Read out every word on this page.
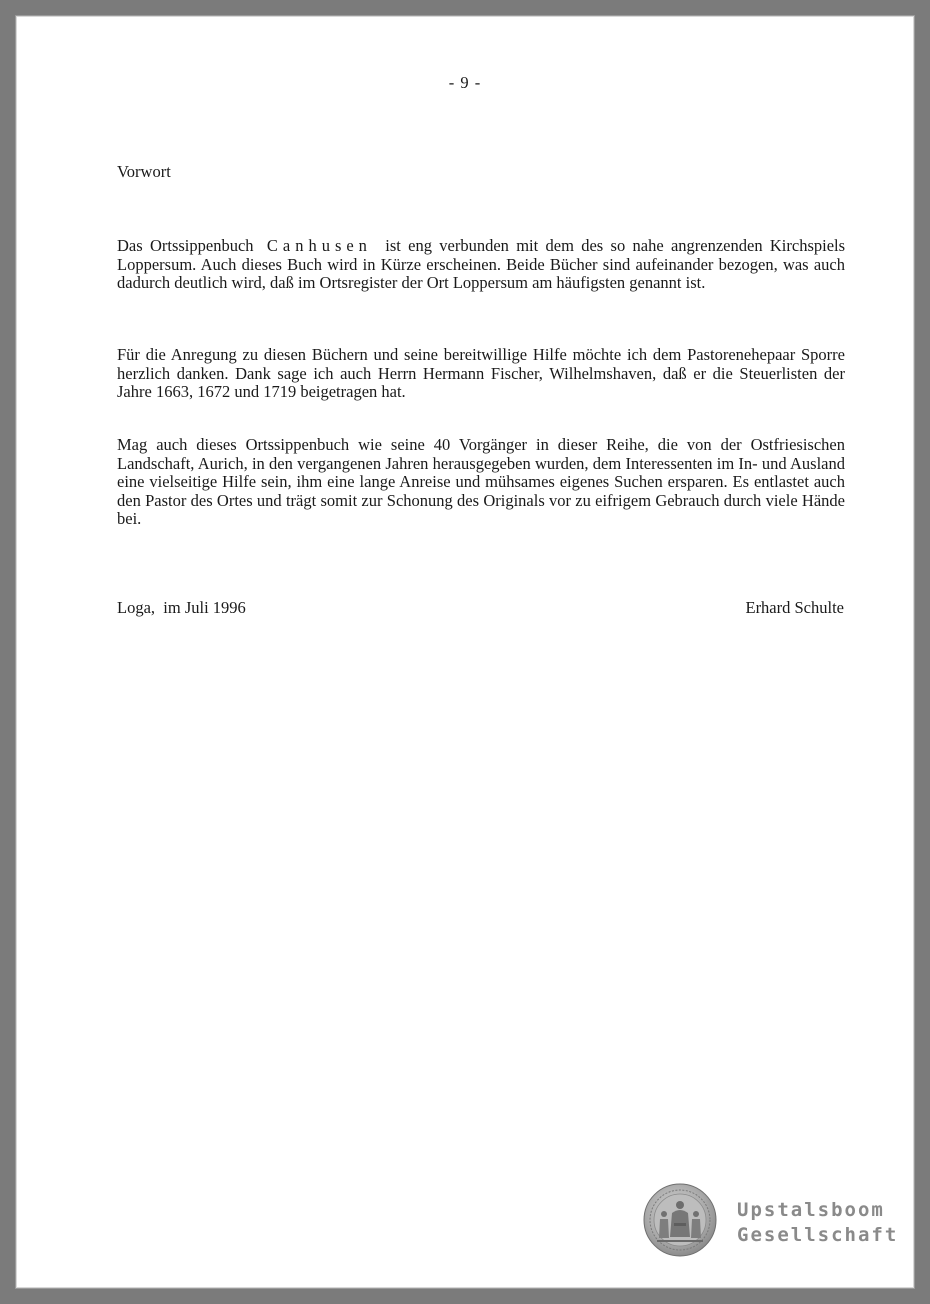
- 9 -
Vorwort
Das Ortssippenbuch Canhusen ist eng verbunden mit dem des so nahe angrenzenden Kirchspiels Loppersum. Auch dieses Buch wird in Kürze erscheinen. Beide Bücher sind aufeinander bezogen, was auch dadurch deutlich wird, daß im Ortsregister der Ort Loppersum am häufigsten genannt ist.
Für die Anregung zu diesen Büchern und seine bereitwillige Hilfe möchte ich dem Pastorenehepaar Sporre herzlich danken. Dank sage ich auch Herrn Hermann Fischer, Wilhelmshaven, daß er die Steuerlisten der Jahre 1663, 1672 und 1719 beigetragen hat.
Mag auch dieses Ortssippenbuch wie seine 40 Vorgänger in dieser Reihe, die von der Ostfriesischen Landschaft, Aurich, in den vergangenen Jahren herausgegeben wurden, dem Interessenten im In- und Ausland eine vielseitige Hilfe sein, ihm eine lange Anreise und mühsames eigenes Suchen ersparen. Es entlastet auch den Pastor des Ortes und trägt somit zur Schonung des Originals vor zu eifrigem Gebrauch durch viele Hände bei.
Loga,  im Juli 1996	Erhard Schulte
Upstalsboom
Gesellschaft
